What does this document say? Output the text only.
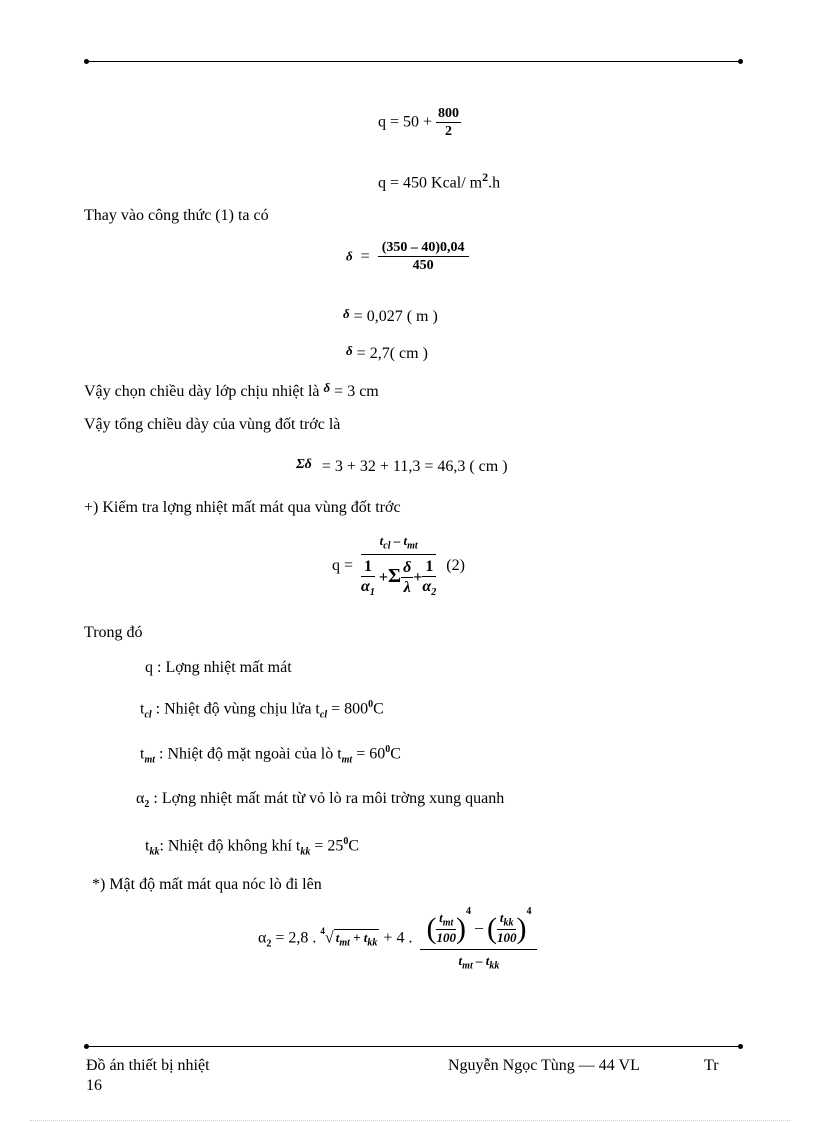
$q = 50 + \frac{800}{2}$
q = 450 Kcal/ $m^2.h$
Thay vào công thức (1) ta có
$\delta = \frac{(350 - 40)0,04}{450}$
δ = 0,027 ( m )
δ = 2,7( cm )
Vậy chọn chiều dày lớp chịu nhiệt là $^\delta$ = 3 cm
Vậy tổng chiều dày của vùng đốt trớc là
Σδ = 3 + 32 + 11,3 = 46,3 ( cm )
+) Kiểm tra lợng nhiệt mất mát qua vùng đốt trớc
$q = \frac{t_{cl} - t_{mt}}{\frac{1}{\alpha_1} +\Sigma \frac{\delta}{\lambda} + \frac{1}{\alpha_2}} (2)$
Trong đó
q : Lợng nhiệt mất mát
$t_{cl}$ : Nhiệt độ vùng chịu lửa $t_{cl} = 800^0C$
$t_{mt}$ : Nhiệt độ mặt ngoài của lò $t_{mt} = 60^0C$
$\alpha_2$ : Lợng nhiệt mất mát từ vỏ lò ra môi trờng xung quanh
$t_{kk}$: Nhiệt độ không khí $t_{kk} = 25^0C$
*) Mật độ mất mát qua nóc lò đi lên
$\alpha_2 = 2,8$ . $^4$√ $t_{mt} + t_{kk} + 4$ . $\frac{( \frac{t_{mt}}{100} )^4 - ( \frac{t_{kk}}{100} )^4}{t_{mt} - t_{kk}}$
Đồ án thiết bị nhiệt	Nguyễn Ngọc Tùng — 44 VL	Tr
16
